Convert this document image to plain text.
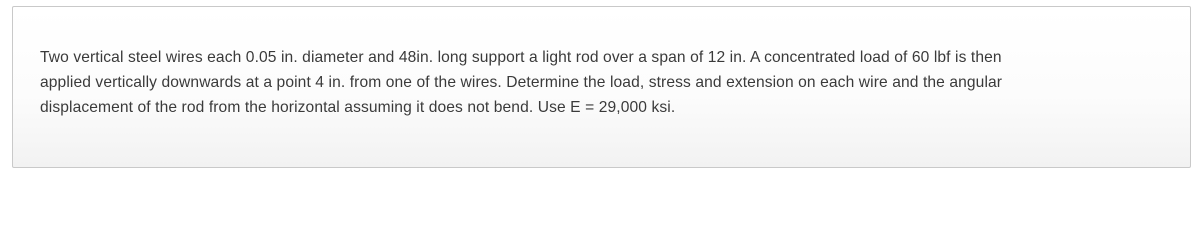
Two vertical steel wires each 0.05 in. diameter and 48in. long support a light rod over a span of 12 in. A concentrated load of 60 lbf is then
applied vertically downwards at a point 4 in. from one of the wires. Determine the load, stress and extension on each wire and the angular
displacement of the rod from the horizontal assuming it does not bend. Use E = 29,000 ksi.
